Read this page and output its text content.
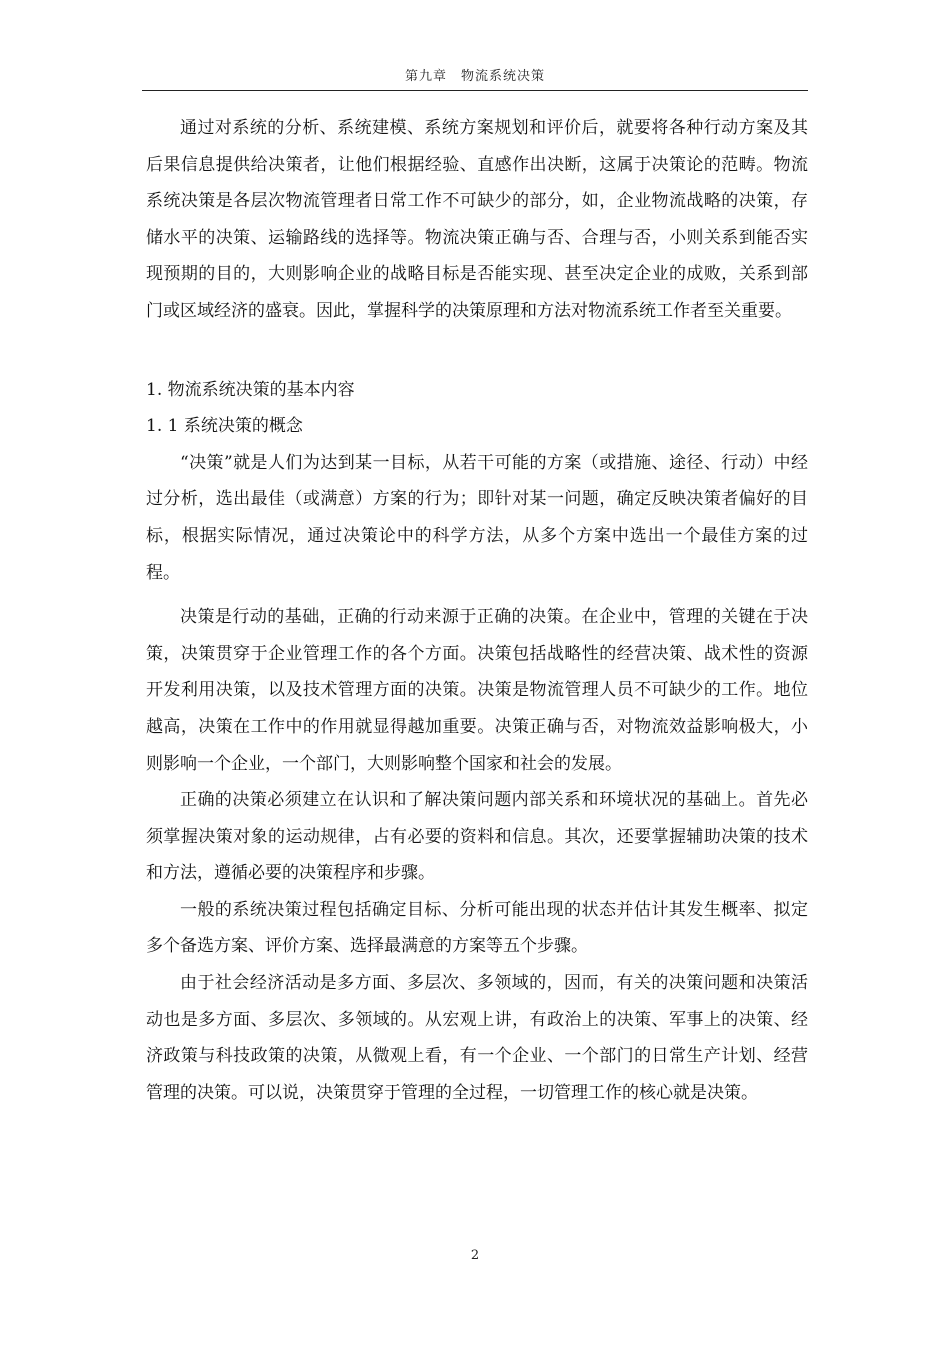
第九章　物流系统决策

通过对系统的分析、系统建模、系统方案规划和评价后，就要将各种行动方案及其后果信息提供给决策者，让他们根据经验、直感作出决断，这属于决策论的范畴。物流系统决策是各层次物流管理者日常工作不可缺少的部分，如，企业物流战略的决策，存储水平的决策、运输路线的选择等。物流决策正确与否、合理与否，小则关系到能否实现预期的目的，大则影响企业的战略目标是否能实现、甚至决定企业的成败，关系到部门或区域经济的盛衰。因此，掌握科学的决策原理和方法对物流系统工作者至关重要。

1. 物流系统决策的基本内容

1. 1 系统决策的概念

“决策”就是人们为达到某一目标，从若干可能的方案（或措施、途径、行动）中经过分析，选出最佳（或满意）方案的行为；即针对某一问题，确定反映决策者偏好的目标，根据实际情况，通过决策论中的科学方法，从多个方案中选出一个最佳方案的过程。

决策是行动的基础，正确的行动来源于正确的决策。在企业中，管理的关键在于决策，决策贯穿于企业管理工作的各个方面。决策包括战略性的经营决策、战术性的资源开发利用决策，以及技术管理方面的决策。决策是物流管理人员不可缺少的工作。地位越高，决策在工作中的作用就显得越加重要。决策正确与否，对物流效益影响极大，小则影响一个企业，一个部门，大则影响整个国家和社会的发展。

正确的决策必须建立在认识和了解决策问题内部关系和环境状况的基础上。首先必须掌握决策对象的运动规律，占有必要的资料和信息。其次，还要掌握辅助决策的技术和方法，遵循必要的决策程序和步骤。

一般的系统决策过程包括确定目标、分析可能出现的状态并估计其发生概率、拟定多个备选方案、评价方案、选择最满意的方案等五个步骤。

由于社会经济活动是多方面、多层次、多领域的，因而，有关的决策问题和决策活动也是多方面、多层次、多领域的。从宏观上讲，有政治上的决策、军事上的决策、经济政策与科技政策的决策，从微观上看，有一个企业、一个部门的日常生产计划、经营管理的决策。可以说，决策贯穿于管理的全过程，一切管理工作的核心就是决策。

2
